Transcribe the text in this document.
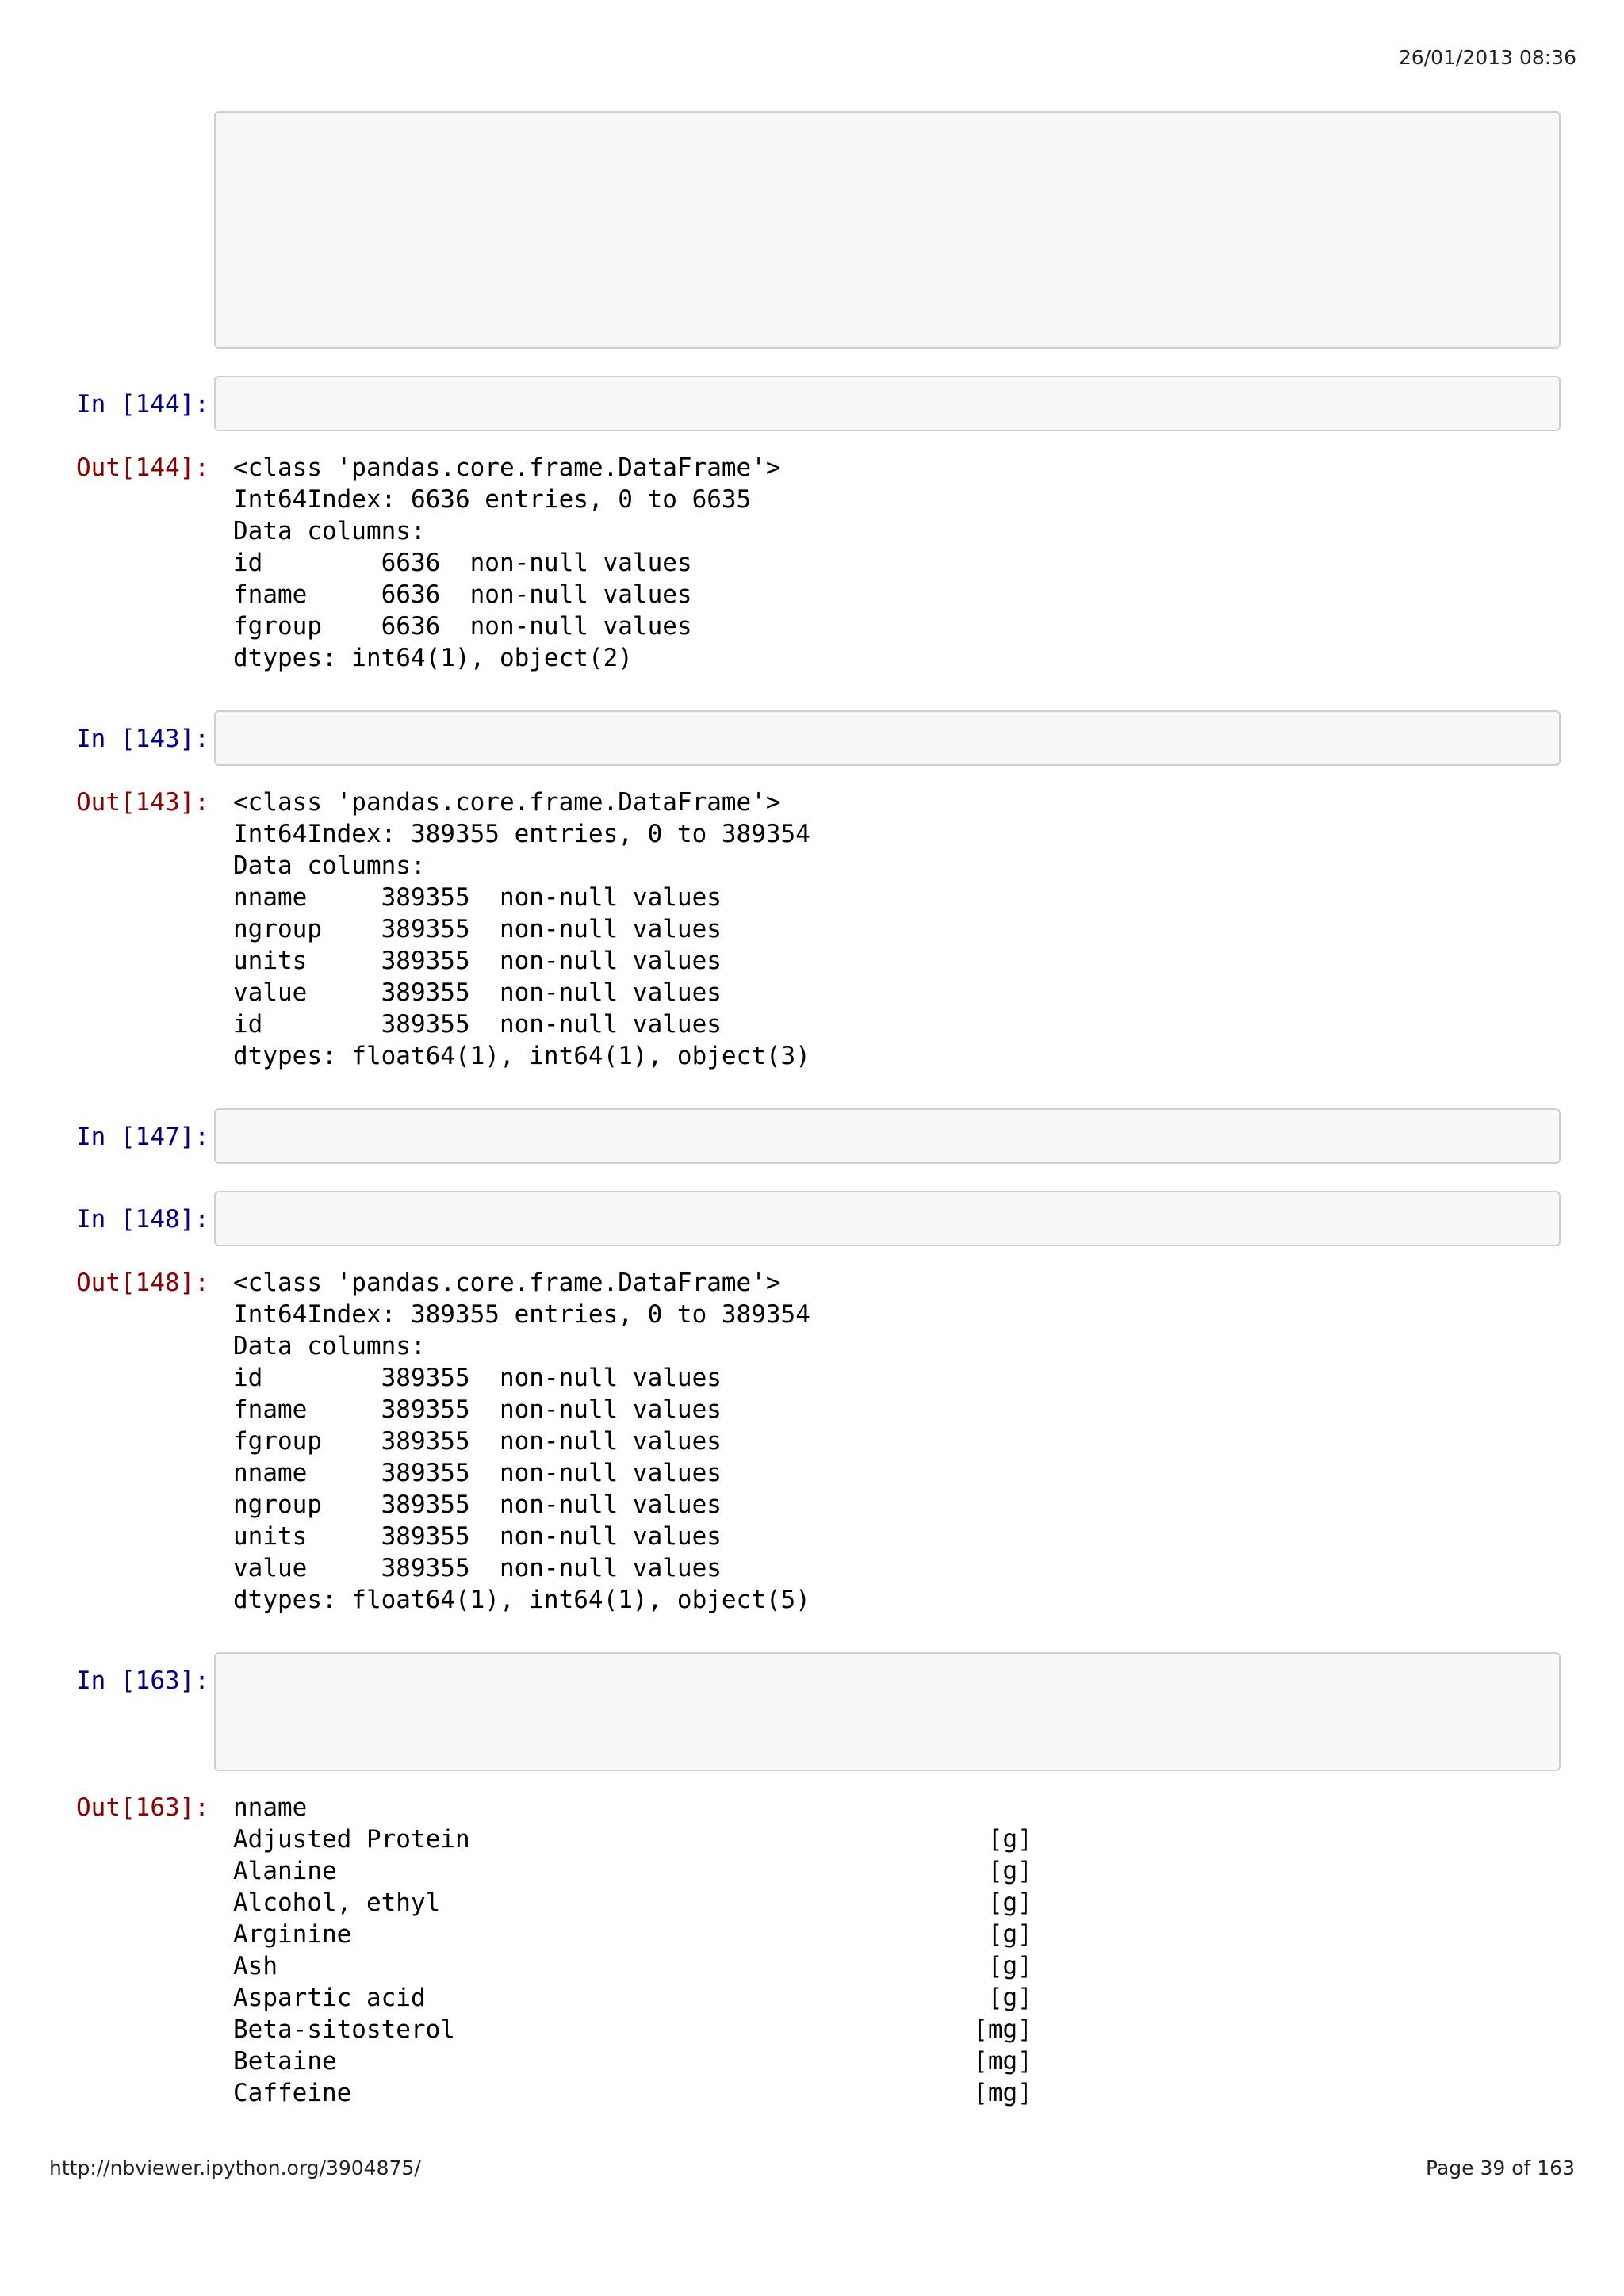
26/01/2013 08:36

In [144]:
Out[144]: <class 'pandas.core.frame.DataFrame'>
Int64Index: 6636 entries, 0 to 6635
Data columns:
id        6636  non-null values
fname     6636  non-null values
fgroup    6636  non-null values
dtypes: int64(1), object(2)
In [143]:
Out[143]: <class 'pandas.core.frame.DataFrame'>
Int64Index: 389355 entries, 0 to 389354
Data columns:
nname     389355  non-null values
ngroup    389355  non-null values
units     389355  non-null values
value     389355  non-null values
id        389355  non-null values
dtypes: float64(1), int64(1), object(3)
In [147]:
In [148]:
Out[148]: <class 'pandas.core.frame.DataFrame'>
Int64Index: 389355 entries, 0 to 389354
Data columns:
id        389355  non-null values
fname     389355  non-null values
fgroup    389355  non-null values
nname     389355  non-null values
ngroup    389355  non-null values
units     389355  non-null values
value     389355  non-null values
dtypes: float64(1), int64(1), object(5)
In [163]:

Out[163]: nname
Adjusted Protein                                   [g]
Alanine                                            [g]
Alcohol, ethyl                                     [g]
Arginine                                           [g]
Ash                                                [g]
Aspartic acid                                      [g]
Beta-sitosterol                                   [mg]
Betaine                                           [mg]
Caffeine                                          [mg]
http://nbviewer.ipython.org/3904875/	Page 39 of 163
